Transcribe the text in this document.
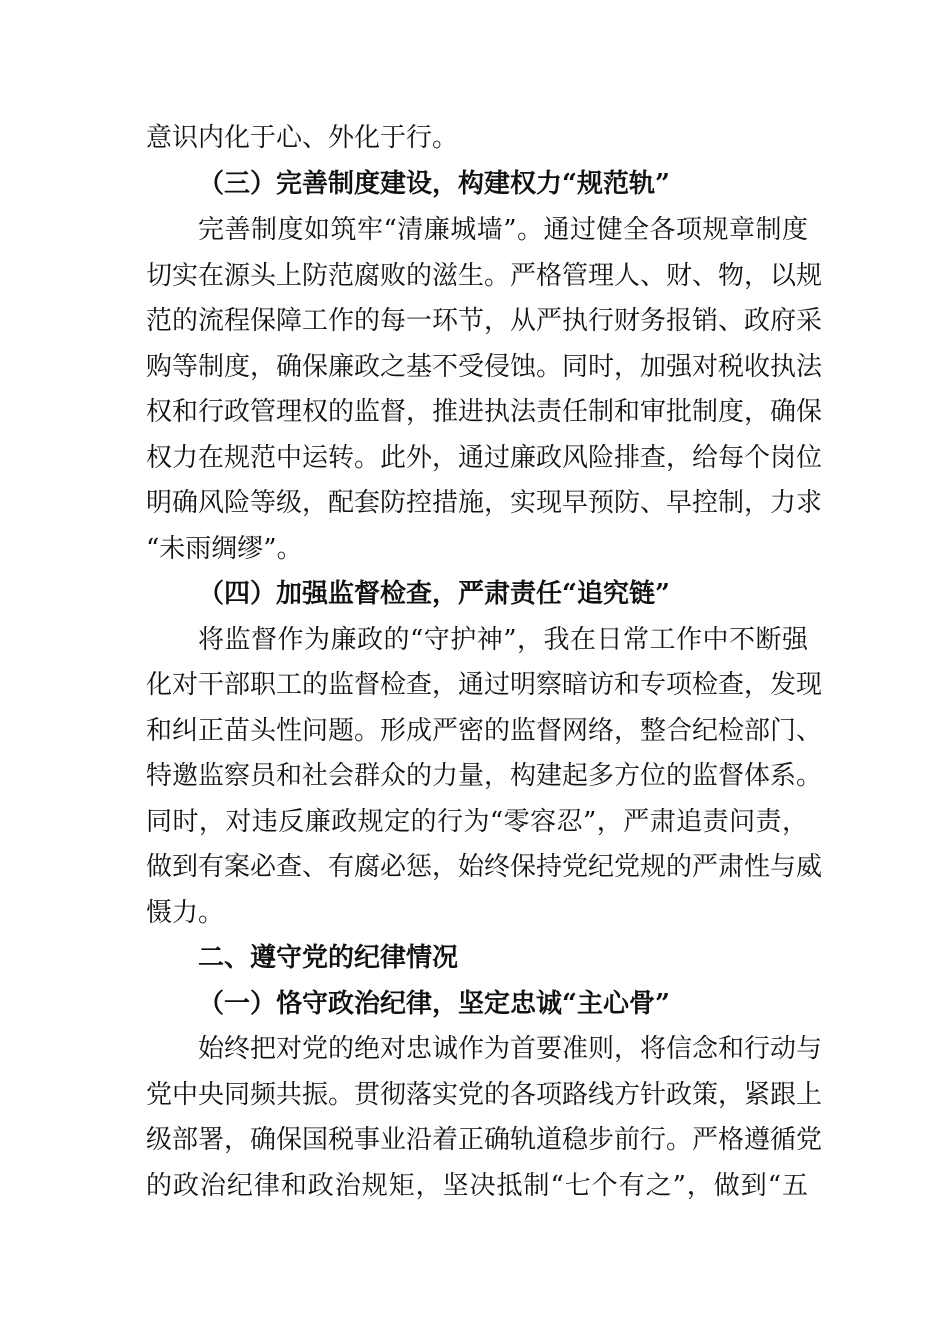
意识内化于心、外化于行。
（三）完善制度建设，构建权力“规范轨”
完善制度如筑牢“清廉城墙”。通过健全各项规章制度
切实在源头上防范腐败的滋生。严格管理人、财、物，以规
范的流程保障工作的每一环节，从严执行财务报销、政府采
购等制度，确保廉政之基不受侵蚀。同时，加强对税收执法
权和行政管理权的监督，推进执法责任制和审批制度，确保
权力在规范中运转。此外，通过廉政风险排查，给每个岗位
明确风险等级，配套防控措施，实现早预防、早控制，力求
“未雨绸缪”。
（四）加强监督检查，严肃责任“追究链”
将监督作为廉政的“守护神”，我在日常工作中不断强
化对干部职工的监督检查，通过明察暗访和专项检查，发现
和纠正苗头性问题。形成严密的监督网络，整合纪检部门、
特邀监察员和社会群众的力量，构建起多方位的监督体系。
同时，对违反廉政规定的行为“零容忍”，严肃追责问责，
做到有案必查、有腐必惩，始终保持党纪党规的严肃性与威
慑力。
二、遵守党的纪律情况
（一）恪守政治纪律，坚定忠诚“主心骨”
始终把对党的绝对忠诚作为首要准则，将信念和行动与
党中央同频共振。贯彻落实党的各项路线方针政策，紧跟上
级部署，确保国税事业沿着正确轨道稳步前行。严格遵循党
的政治纪律和政治规矩，坚决抵制“七个有之”，做到“五
